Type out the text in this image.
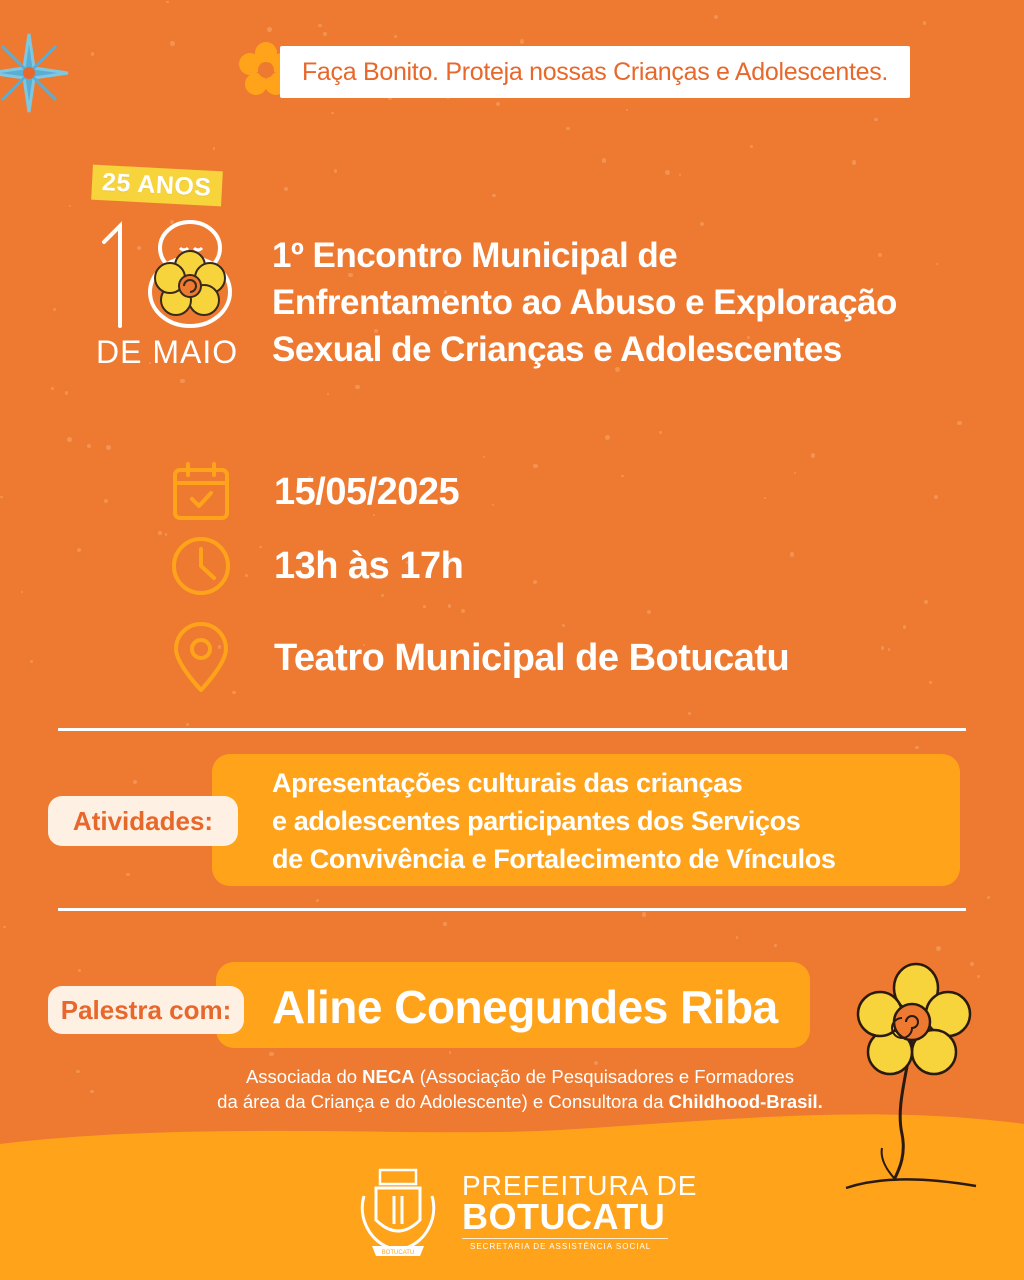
Faça Bonito. Proteja nossas Crianças e Adolescentes.
25 ANOS
DE MAIO
1º Encontro Municipal de
Enfrentamento ao Abuso e Exploração
Sexual de Crianças e Adolescentes
15/05/2025
13h às 17h
Teatro Municipal de Botucatu
Atividades:
Apresentações culturais das crianças
e adolescentes participantes dos Serviços
de Convivência e Fortalecimento de Vínculos
Palestra com: Aline Conegundes Riba
Associada do NECA (Associação de Pesquisadores e Formadores
da área da Criança e do Adolescente) e Consultora da Childhood-Brasil.
BOTUCATU
PREFEITURA DE
BOTUCATU
SECRETARIA DE ASSISTÊNCIA SOCIAL
